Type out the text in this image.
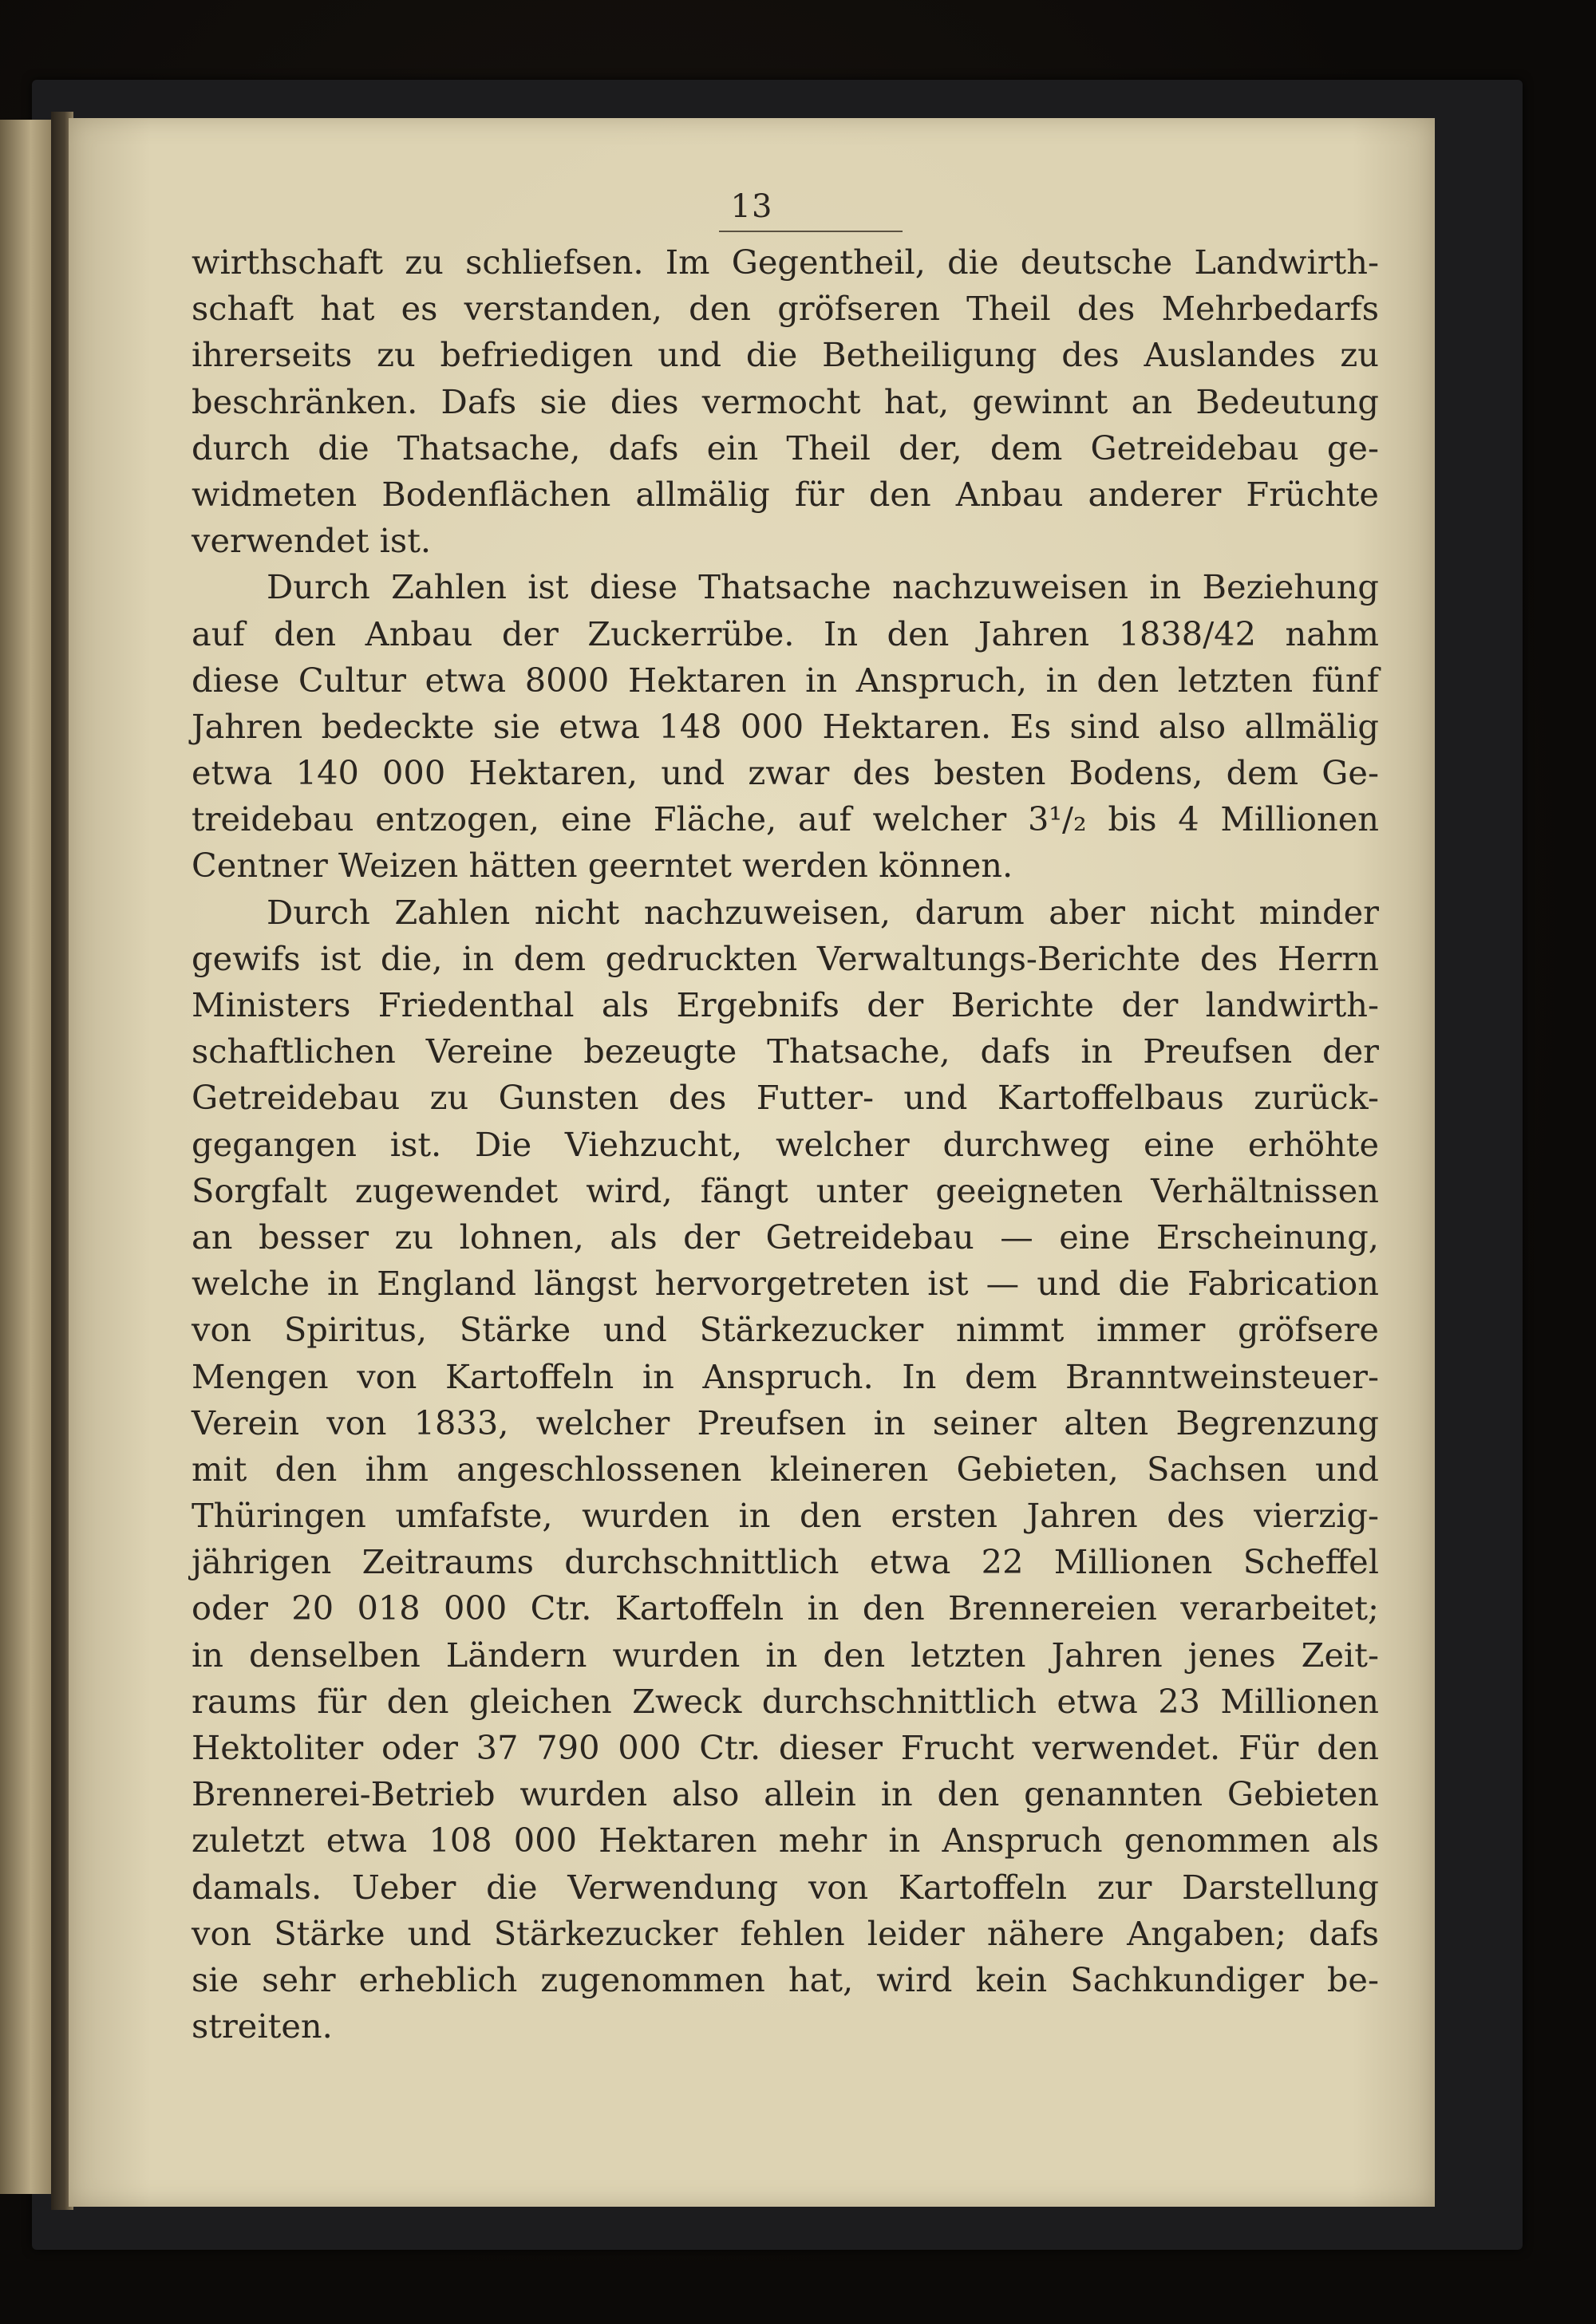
13
wirthschaft zu schliefsen. Im Gegentheil, die deutsche Landwirth-
schaft hat es verstanden, den gröfseren Theil des Mehrbedarfs
ihrerseits zu befriedigen und die Betheiligung des Auslandes zu
beschränken. Dafs sie dies vermocht hat, gewinnt an Bedeutung
durch die Thatsache, dafs ein Theil der, dem Getreidebau ge-
widmeten Bodenflächen allmälig für den Anbau anderer Früchte
verwendet ist.
Durch Zahlen ist diese Thatsache nachzuweisen in Beziehung
auf den Anbau der Zuckerrübe. In den Jahren 1838/42 nahm
diese Cultur etwa 8000 Hektaren in Anspruch, in den letzten fünf
Jahren bedeckte sie etwa 148 000 Hektaren. Es sind also allmälig
etwa 140 000 Hektaren, und zwar des besten Bodens, dem Ge-
treidebau entzogen, eine Fläche, auf welcher 3¹/₂ bis 4 Millionen
Centner Weizen hätten geerntet werden können.
Durch Zahlen nicht nachzuweisen, darum aber nicht minder
gewifs ist die, in dem gedruckten Verwaltungs-Berichte des Herrn
Ministers Friedenthal als Ergebnifs der Berichte der landwirth-
schaftlichen Vereine bezeugte Thatsache, dafs in Preufsen der
Getreidebau zu Gunsten des Futter- und Kartoffelbaus zurück-
gegangen ist. Die Viehzucht, welcher durchweg eine erhöhte
Sorgfalt zugewendet wird, fängt unter geeigneten Verhältnissen
an besser zu lohnen, als der Getreidebau — eine Erscheinung,
welche in England längst hervorgetreten ist — und die Fabrication
von Spiritus, Stärke und Stärkezucker nimmt immer gröfsere
Mengen von Kartoffeln in Anspruch. In dem Branntweinsteuer-
Verein von 1833, welcher Preufsen in seiner alten Begrenzung
mit den ihm angeschlossenen kleineren Gebieten, Sachsen und
Thüringen umfafste, wurden in den ersten Jahren des vierzig-
jährigen Zeitraums durchschnittlich etwa 22 Millionen Scheffel
oder 20 018 000 Ctr. Kartoffeln in den Brennereien verarbeitet;
in denselben Ländern wurden in den letzten Jahren jenes Zeit-
raums für den gleichen Zweck durchschnittlich etwa 23 Millionen
Hektoliter oder 37 790 000 Ctr. dieser Frucht verwendet. Für den
Brennerei-Betrieb wurden also allein in den genannten Gebieten
zuletzt etwa 108 000 Hektaren mehr in Anspruch genommen als
damals. Ueber die Verwendung von Kartoffeln zur Darstellung
von Stärke und Stärkezucker fehlen leider nähere Angaben; dafs
sie sehr erheblich zugenommen hat, wird kein Sachkundiger be-
streiten.
